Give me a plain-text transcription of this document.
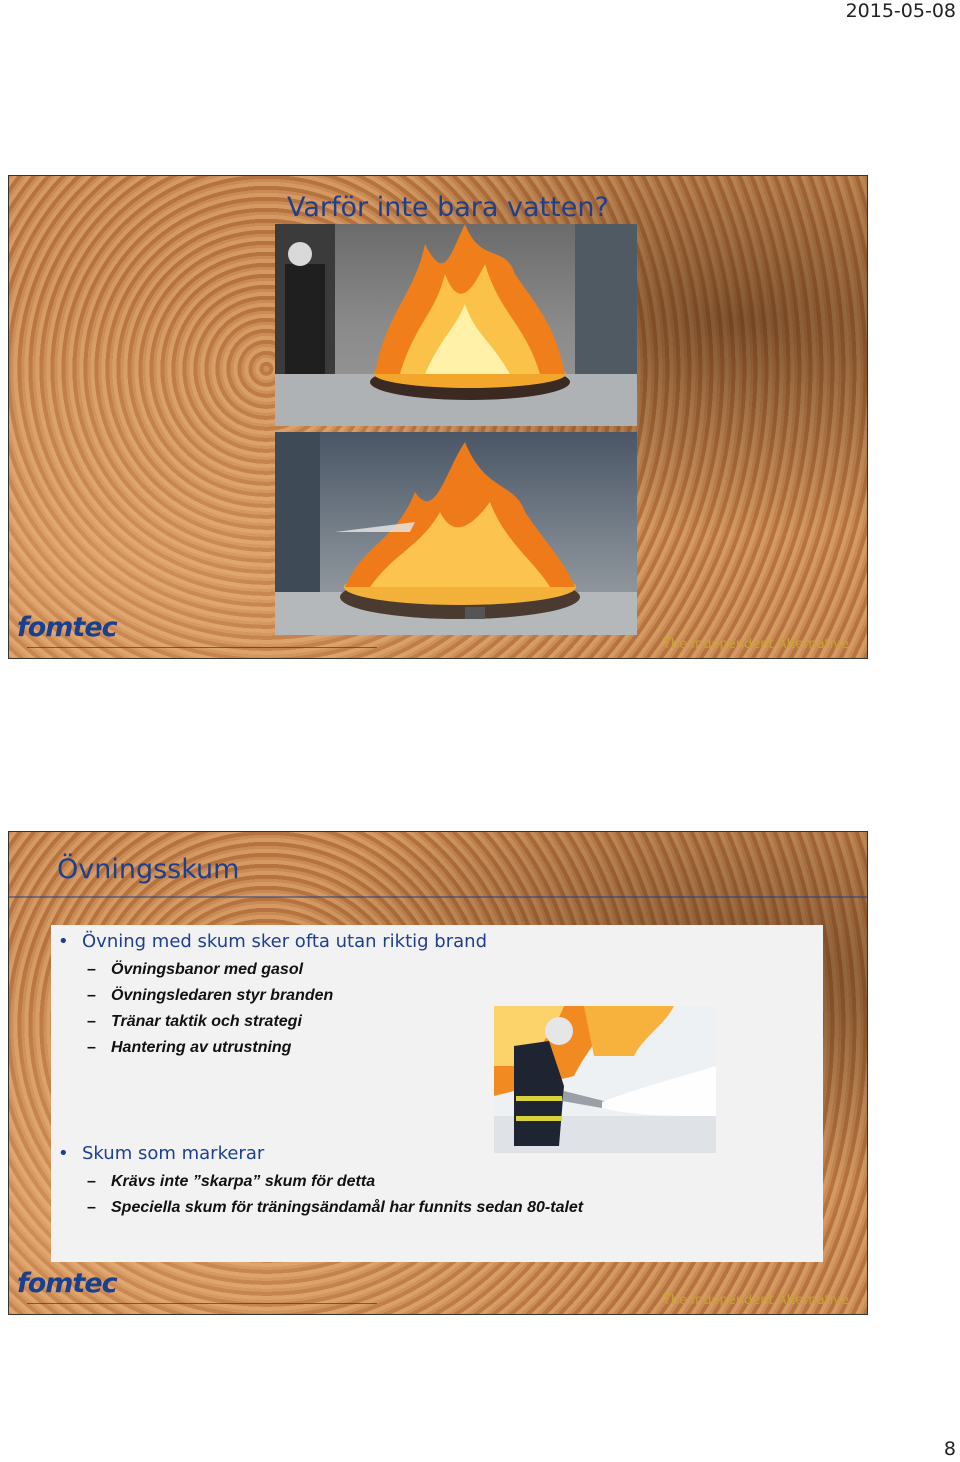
2015-05-08
Varför inte bara vatten?
fomtec
The Independent Alternative
Övningsskum
• Övning med skum sker ofta utan riktig brand
– Övningsbanor med gasol
– Övningsledaren styr branden
– Tränar taktik och strategi
– Hantering av utrustning
• Skum som markerar
– Krävs inte ”skarpa” skum för detta
– Speciella skum för träningsändamål har funnits sedan 80-talet
fomtec
The Independent Alternative
8
